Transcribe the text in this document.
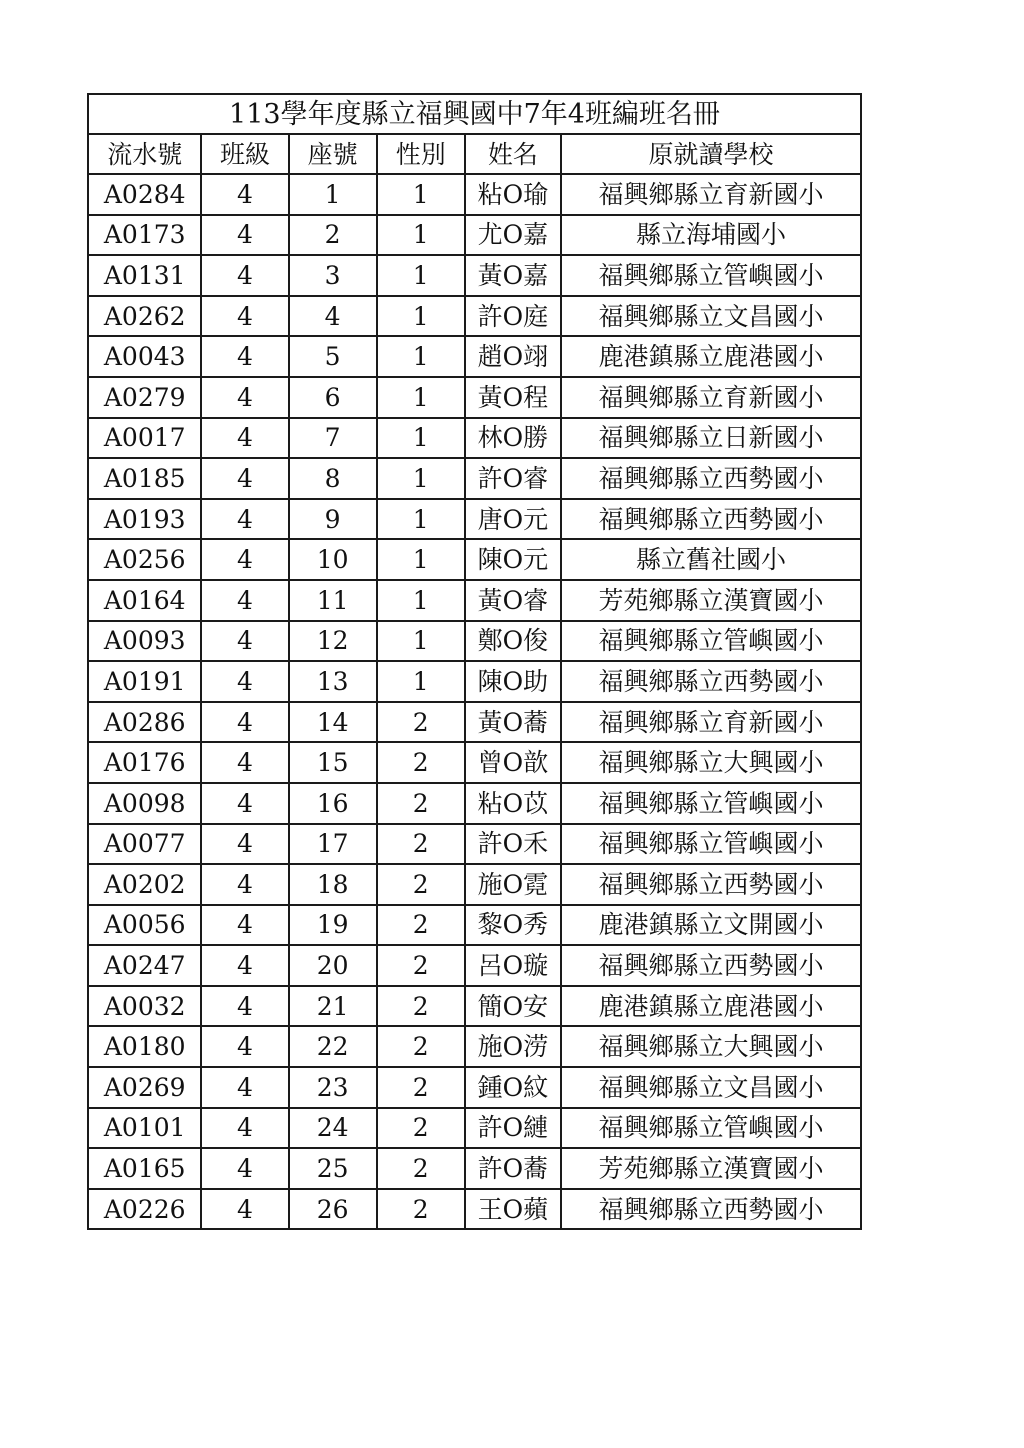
113學年度縣立福興國中7年4班編班名冊					
流水號	班級	座號	性別	姓名	原就讀學校
A0284	4	1	1	粘O瑜	福興鄉縣立育新國小
A0173	4	2	1	尤O嘉	縣立海埔國小
A0131	4	3	1	黃O嘉	福興鄉縣立管嶼國小
A0262	4	4	1	許O庭	福興鄉縣立文昌國小
A0043	4	5	1	趙O翊	鹿港鎮縣立鹿港國小
A0279	4	6	1	黃O程	福興鄉縣立育新國小
A0017	4	7	1	林O勝	福興鄉縣立日新國小
A0185	4	8	1	許O睿	福興鄉縣立西勢國小
A0193	4	9	1	唐O元	福興鄉縣立西勢國小
A0256	4	10	1	陳O元	縣立舊社國小
A0164	4	11	1	黃O睿	芳苑鄉縣立漢寶國小
A0093	4	12	1	鄭O俊	福興鄉縣立管嶼國小
A0191	4	13	1	陳O助	福興鄉縣立西勢國小
A0286	4	14	2	黃O蕎	福興鄉縣立育新國小
A0176	4	15	2	曾O歆	福興鄉縣立大興國小
A0098	4	16	2	粘O苡	福興鄉縣立管嶼國小
A0077	4	17	2	許O禾	福興鄉縣立管嶼國小
A0202	4	18	2	施O霓	福興鄉縣立西勢國小
A0056	4	19	2	黎O秀	鹿港鎮縣立文開國小
A0247	4	20	2	呂O璇	福興鄉縣立西勢國小
A0032	4	21	2	簡O安	鹿港鎮縣立鹿港國小
A0180	4	22	2	施O涝	福興鄉縣立大興國小
A0269	4	23	2	鍾O紋	福興鄉縣立文昌國小
A0101	4	24	2	許O縺	福興鄉縣立管嶼國小
A0165	4	25	2	許O蕎	芳苑鄉縣立漢寶國小
A0226	4	26	2	王O蘋	福興鄉縣立西勢國小
